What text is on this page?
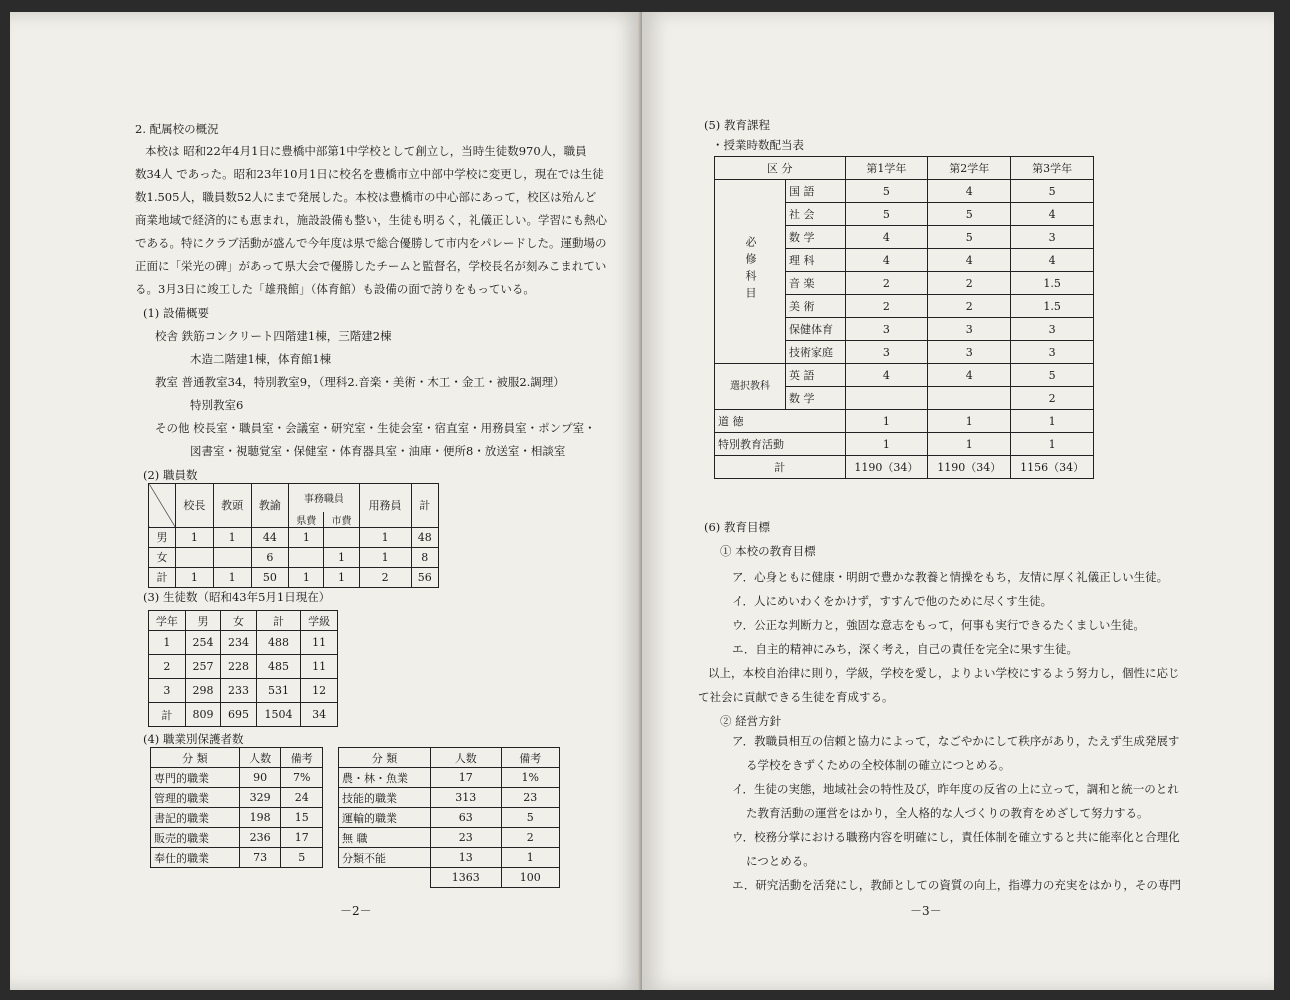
2. 配属校の概況
本校は 昭和22年4月1日に豊橋中部第1中学校として創立し，当時生徒数970人，職員
数34人 であった。昭和23年10月1日に校名を豊橋市立中部中学校に変更し，現在では生徒
数1.505人，職員数52人にまで発展した。本校は豊橋市の中心部にあって，校区は殆んど
商業地域で経済的にも恵まれ，施設設備も整い，生徒も明るく，礼儀正しい。学習にも熱心
である。特にクラブ活動が盛んで今年度は県で総合優勝して市内をパレードした。運動場の
正面に「栄光の碑」があって県大会で優勝したチームと監督名，学校長名が刻みこまれてい
る。3月3日に竣工した「雄飛館」（体育館）も設備の面で誇りをもっている。
(1) 設備概要
校舎 鉄筋コンクリート四階建1棟，三階建2棟
木造二階建1棟，体育館1棟
教室 普通教室34，特別教室9，（理科2.音楽・美術・木工・金工・被服2.調理）
特別教室6
その他 校長室・職員室・会議室・研究室・生徒会室・宿直室・用務員室・ポンプ室・
図書室・視聴覚室・保健室・体育器具室・油庫・便所8・放送室・相談室
(2) 職員数
	校長	教頭	教諭	事務職員		用務員	計
				県費	市費		
男	1	1	44	1		1	48
女			6		1	1	8
計	1	1	50	1	1	2	56
(3) 生徒数（昭和43年5月1日現在）
学年	男	女	計	学級
1	254	234	488	11
2	257	228	485	11
3	298	233	531	12
計	809	695	1504	34
(4) 職業別保護者数
分 類	人数	備考
専門的職業	90	7%
管理的職業	329	24
書記的職業	198	15
販売的職業	236	17
奉仕的職業	73	5
分 類	人数	備考
農・林・魚業	17	1%
技能的職業	313	23
運輸的職業	63	5
無 職	23	2
分類不能	13	1
	1363	100
－2－
(5) 教育課程
・授業時数配当表
区 分		第1学年	第2学年	第3学年
必修科目	国 語	5	4	5
	社 会	5	5	4
	数 学	4	5	3
	理 科	4	4	4
	音 楽	2	2	1.5
	美 術	2	2	1.5
	保健体育	3	3	3
	技術家庭	3	3	3
選択教科	英 語	4	4	5
	数 学			2
道 徳		1	1	1
特別教育活動		1	1	1
計		1190（34）	1190（34）	1156（34）
(6) 教育目標
① 本校の教育目標
ア．心身ともに健康・明朗で豊かな教養と情操をもち，友情に厚く礼儀正しい生徒。
イ．人にめいわくをかけず，すすんで他のために尽くす生徒。
ウ．公正な判断力と，強固な意志をもって，何事も実行できるたくましい生徒。
エ．自主的精神にみち，深く考え，自己の責任を完全に果す生徒。
以上，本校自治律に則り，学級，学校を愛し，よりよい学校にするよう努力し，個性に応じ
て社会に貢献できる生徒を育成する。
② 経営方針
ア．教職員相互の信頼と協力によって，なごやかにして秩序があり，たえず生成発展す
る学校をきずくための全校体制の確立につとめる。
イ．生徒の実態，地域社会の特性及び，昨年度の反省の上に立って，調和と統一のとれ
た教育活動の運営をはかり，全人格的な人づくりの教育をめざして努力する。
ウ．校務分掌における職務内容を明確にし，責任体制を確立すると共に能率化と合理化
につとめる。
エ．研究活動を活発にし，教師としての資質の向上，指導力の充実をはかり，その専門
－3－
